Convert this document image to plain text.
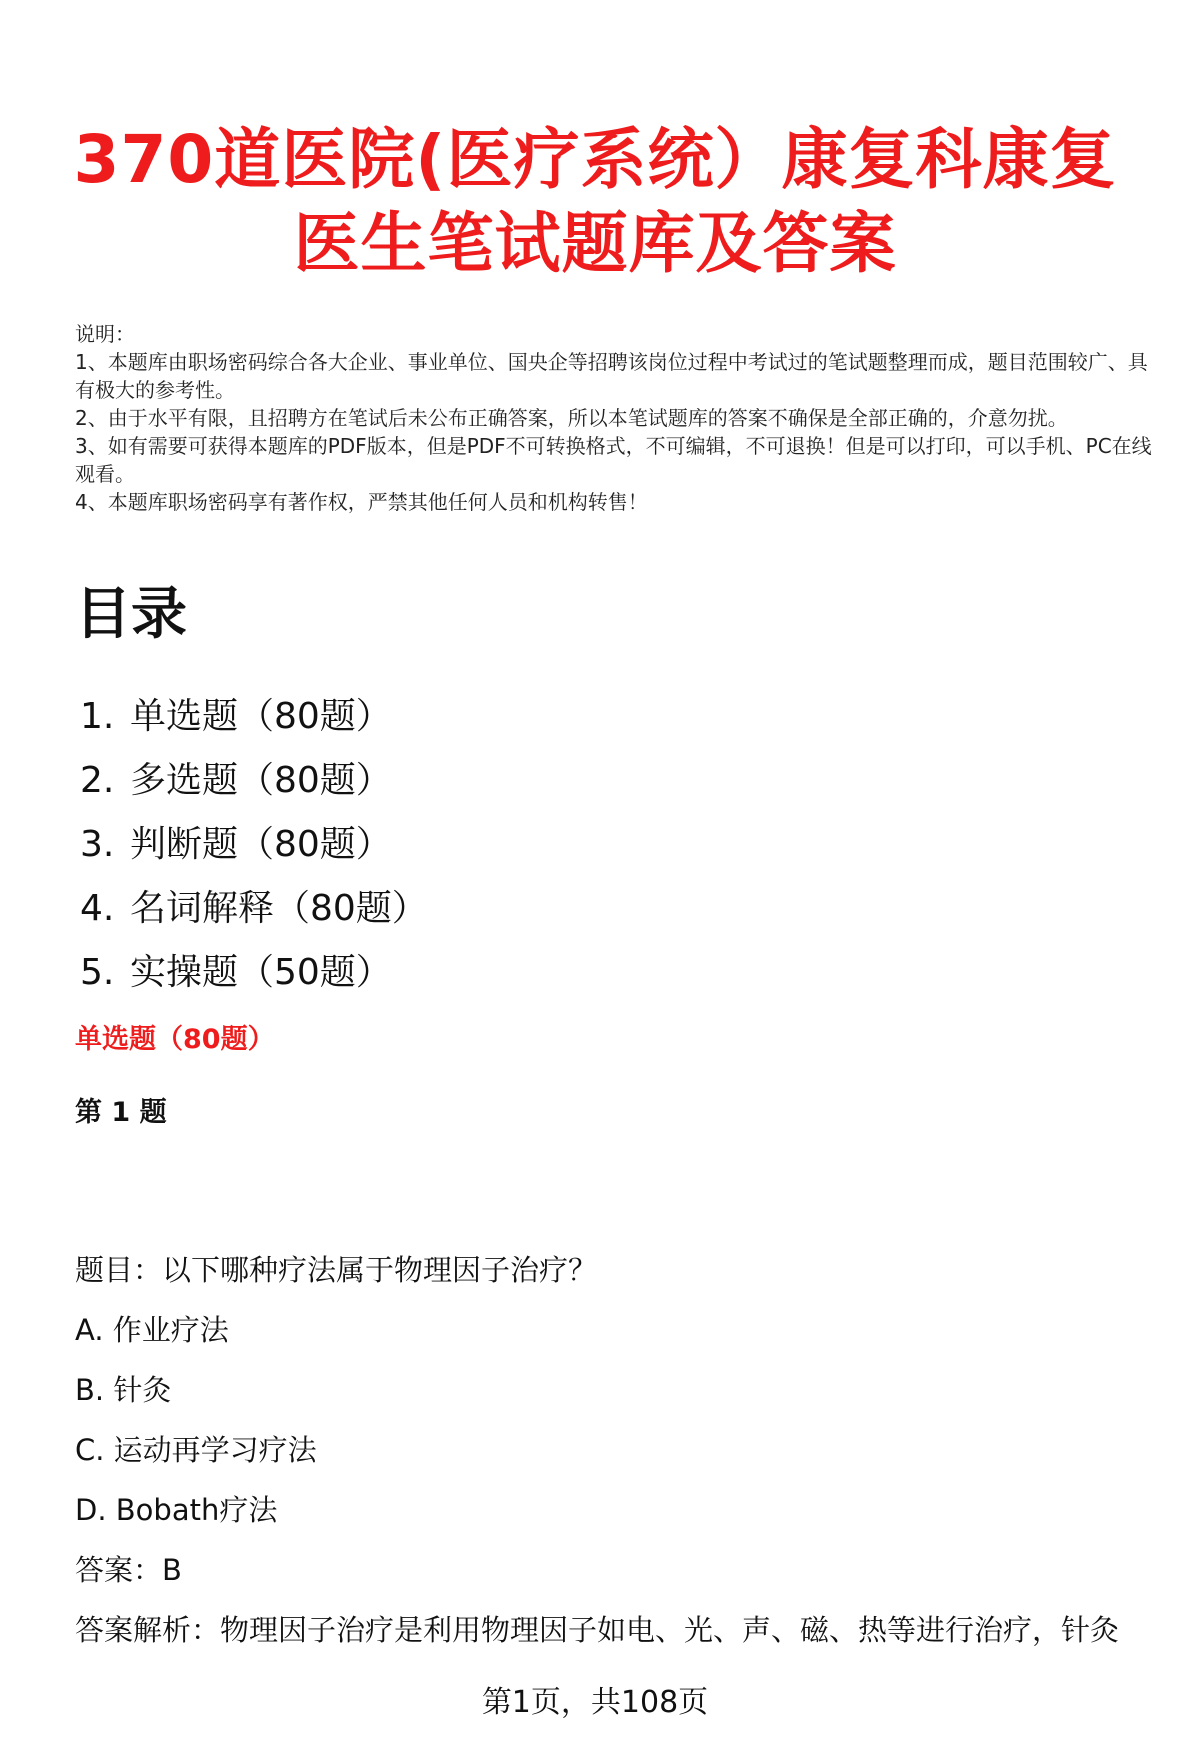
370道医院(医疗系统）康复科康复
医生笔试题库及答案
说明：
1、本题库由职场密码综合各大企业、事业单位、国央企等招聘该岗位过程中考试过的笔试题整理而成，题目范围较广、具有极大的参考性。
2、由于水平有限，且招聘方在笔试后未公布正确答案，所以本笔试题库的答案不确保是全部正确的，介意勿扰。
3、如有需要可获得本题库的PDF版本，但是PDF不可转换格式，不可编辑，不可退换！但是可以打印，可以手机、PC在线观看。
4、本题库职场密码享有著作权，严禁其他任何人员和机构转售！
目录
1. 单选题（80题）
2. 多选题（80题）
3. 判断题（80题）
4. 名词解释（80题）
5. 实操题（50题）
单选题（80题）
第 1 题
题目：以下哪种疗法属于物理因子治疗？
A. 作业疗法
B. 针灸
C. 运动再学习疗法
D. Bobath疗法
答案：B
答案解析：物理因子治疗是利用物理因子如电、光、声、磁、热等进行治疗，针灸
第1页，共108页
